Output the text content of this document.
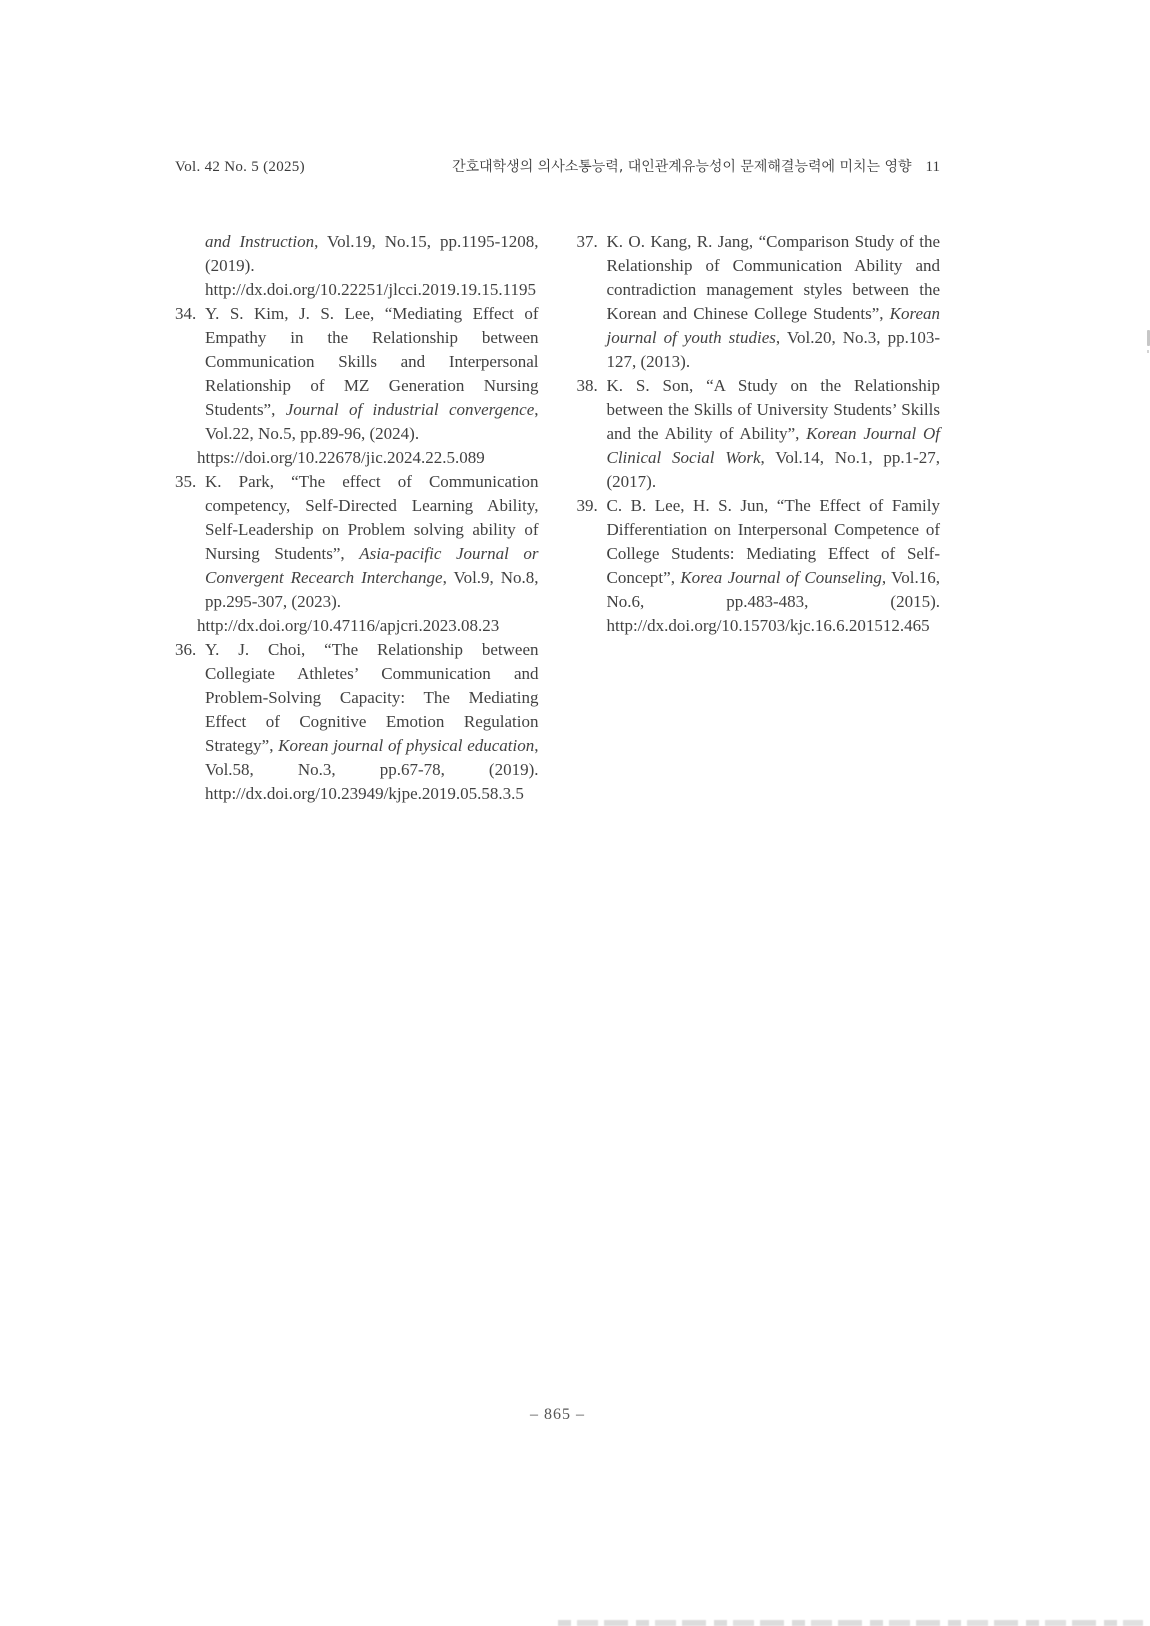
Vol. 42 No. 5 (2025)	간호대학생의 의사소통능력, 대인관계유능성이 문제해결능력에 미치는 영향 11
and Instruction, Vol.19, No.15, pp.1195-1208, (2019). http://dx.doi.org/10.22251/jlcci.2019.19.15.1195
34. Y. S. Kim, J. S. Lee, “Mediating Effect of Empathy in the Relationship between Communication Skills and Interpersonal Relationship of MZ Generation Nursing Students”, Journal of industrial convergence, Vol.22, No.5, pp.89-96, (2024).
https://doi.org/10.22678/jic.2024.22.5.089
35. K. Park, “The effect of Communication competency, Self-Directed Learning Ability, Self-Leadership on Problem solving ability of Nursing Students”, Asia-pacific Journal or Convergent Recearch Interchange, Vol.9, No.8, pp.295-307, (2023).
http://dx.doi.org/10.47116/apjcri.2023.08.23
36. Y. J. Choi, “The Relationship between Collegiate Athletes’ Communication and Problem-Solving Capacity: The Mediating Effect of Cognitive Emotion Regulation Strategy”, Korean journal of physical education, Vol.58, No.3, pp.67-78, (2019). http://dx.doi.org/10.23949/kjpe.2019.05.58.3.5
37. K. O. Kang, R. Jang, “Comparison Study of the Relationship of Communication Ability and contradiction management styles between the Korean and Chinese College Students”, Korean journal of youth studies, Vol.20, No.3, pp.103-127, (2013).
38. K. S. Son, “A Study on the Relationship between the Skills of University Students’ Skills and the Ability of Ability”, Korean Journal Of Clinical Social Work, Vol.14, No.1, pp.1-27, (2017).
39. C. B. Lee, H. S. Jun, “The Effect of Family Differentiation on Interpersonal Competence of College Students: Mediating Effect of Self-Concept”, Korea Journal of Counseling, Vol.16, No.6, pp.483-483, (2015). http://dx.doi.org/10.15703/kjc.16.6.201512.465
– 865 –
